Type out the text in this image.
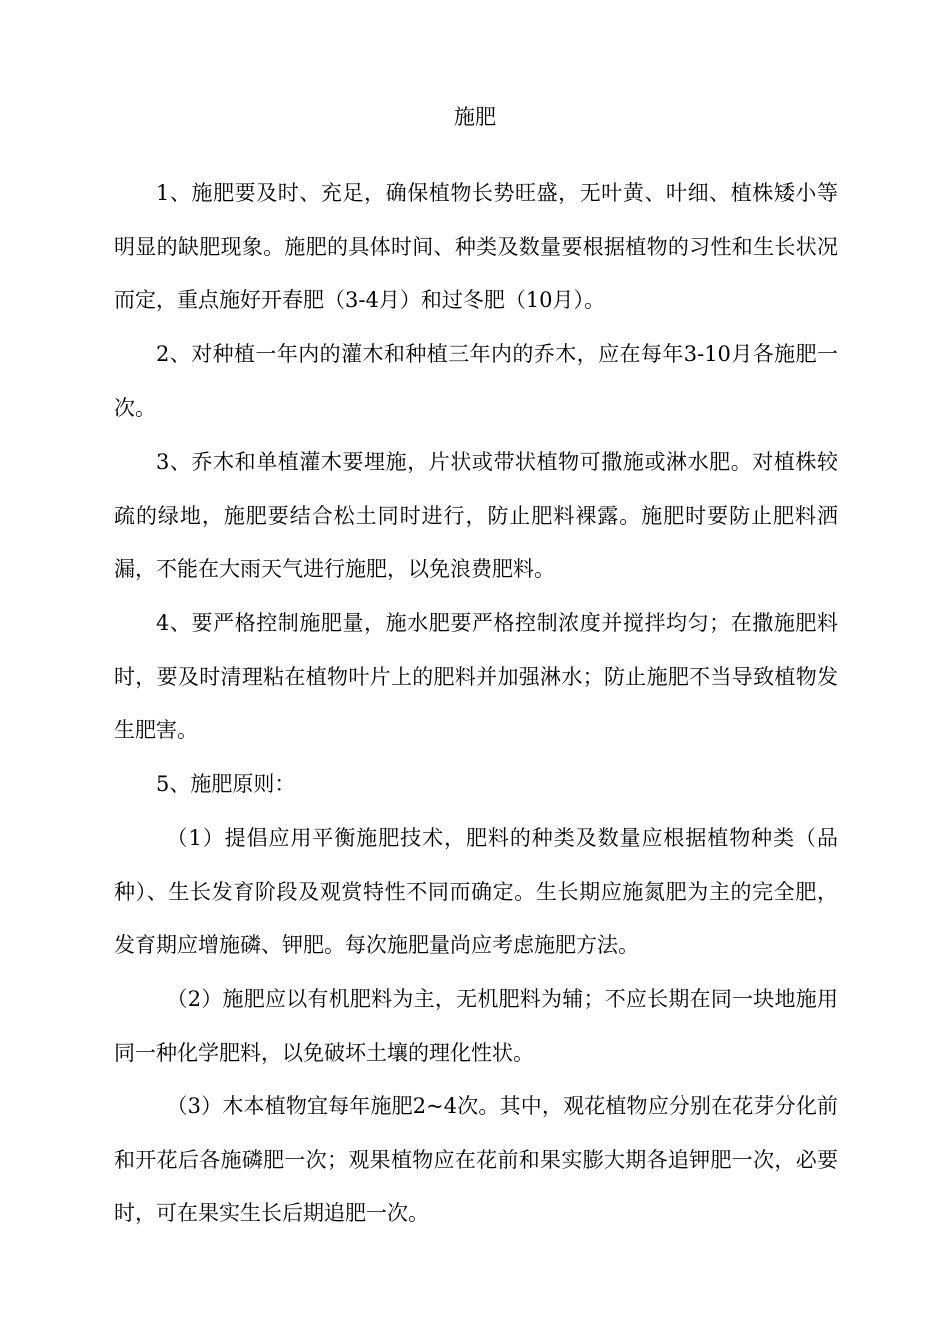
施肥
1、施肥要及时、充足，确保植物长势旺盛，无叶黄、叶细、植株矮小等明显的缺肥现象。施肥的具体时间、种类及数量要根据植物的习性和生长状况而定，重点施好开春肥（3-4月）和过冬肥（10月）。
2、对种植一年内的灌木和种植三年内的乔木，应在每年3-10月各施肥一次。
3、乔木和单植灌木要埋施，片状或带状植物可撒施或淋水肥。对植株较疏的绿地，施肥要结合松土同时进行，防止肥料裸露。施肥时要防止肥料洒漏，不能在大雨天气进行施肥，以免浪费肥料。
4、要严格控制施肥量，施水肥要严格控制浓度并搅拌均匀；在撒施肥料时，要及时清理粘在植物叶片上的肥料并加强淋水；防止施肥不当导致植物发生肥害。
5、施肥原则：
（1）提倡应用平衡施肥技术，肥料的种类及数量应根据植物种类（品种）、生长发育阶段及观赏特性不同而确定。生长期应施氮肥为主的完全肥，发育期应增施磷、钾肥。每次施肥量尚应考虑施肥方法。
（2）施肥应以有机肥料为主，无机肥料为辅；不应长期在同一块地施用同一种化学肥料，以免破坏土壤的理化性状。
（3）木本植物宜每年施肥2~4次。其中，观花植物应分别在花芽分化前和开花后各施磷肥一次；观果植物应在花前和果实膨大期各追钾肥一次，必要时，可在果实生长后期追肥一次。
